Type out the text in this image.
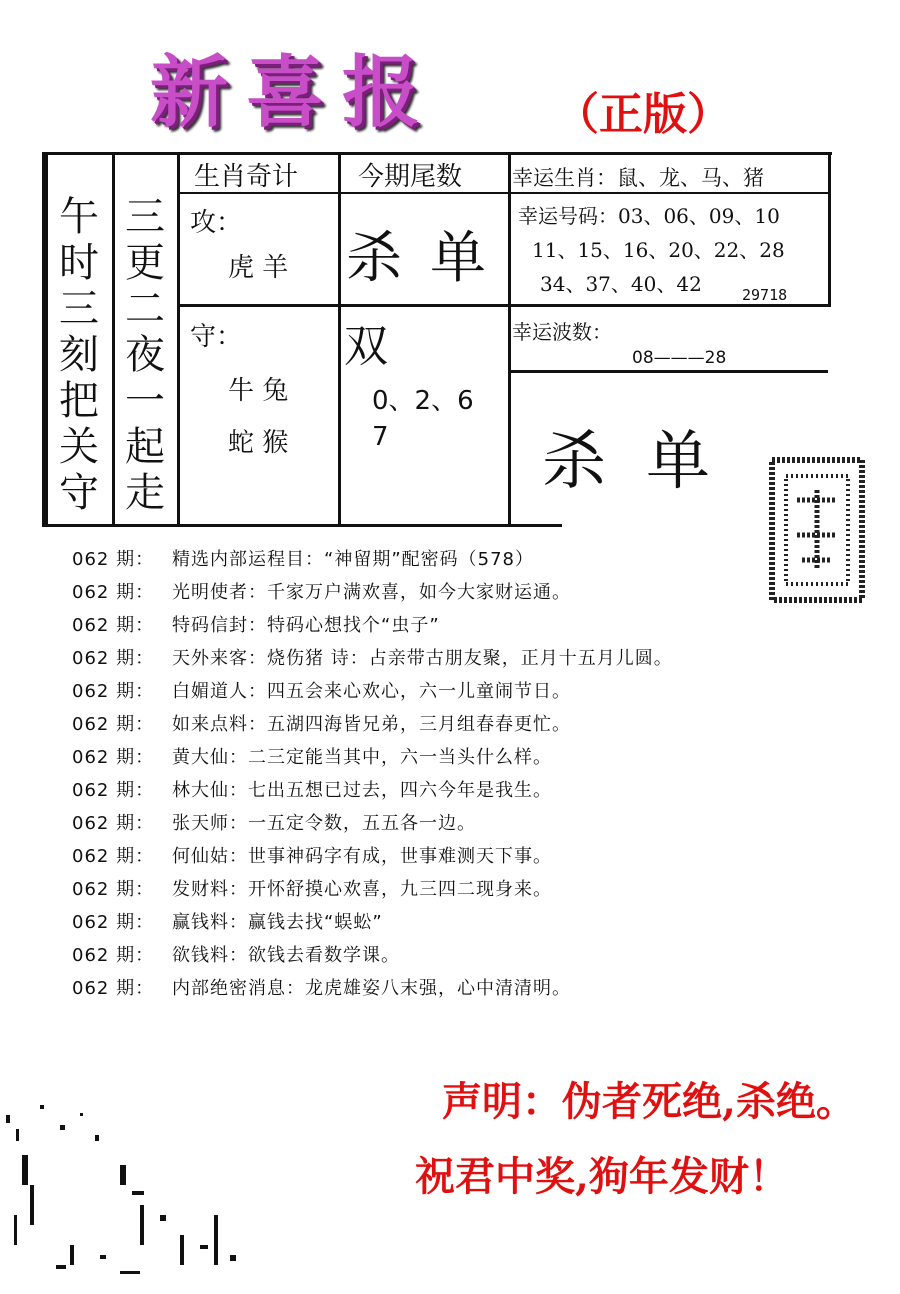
新喜报	（正版）
午
时
三
刻
把
关
守
三
更
二
夜
一
起
走
生肖奇计 今期尾数 幸运生肖：鼠、龙、马、猪
攻：
虎 羊
守：
牛 兔
蛇 猴
杀单
双
0、2、6
7
幸运号码：03、06、09、10
11、15、16、20、22、28
34、37、40、42	29718
幸运波数：
08———28
杀单
062 期： 精选内部运程目：“神留期”配密码（578）
062 期： 光明使者：千家万户满欢喜，如今大家财运通。
062 期： 特码信封：特码心想找个“虫子”
062 期： 天外来客：烧伤猪 诗：占亲带古朋友聚，正月十五月儿圆。
062 期： 白媚道人：四五会来心欢心，六一儿童闹节日。
062 期： 如来点料：五湖四海皆兄弟，三月组春春更忙。
062 期： 黄大仙：二三定能当其中，六一当头什么样。
062 期： 林大仙：七出五想已过去，四六今年是我生。
062 期： 张天师：一五定令数，五五各一边。
062 期： 何仙姑：世事神码字有成，世事难测天下事。
062 期： 发财料：开怀舒摸心欢喜，九三四二现身来。
062 期： 赢钱料：赢钱去找“蜈蚣”
062 期： 欲钱料：欲钱去看数学课。
062 期： 内部绝密消息：龙虎雄姿八末强，心中清清明。
声明：伪者死绝,杀绝。
祝君中奖,狗年发财！
